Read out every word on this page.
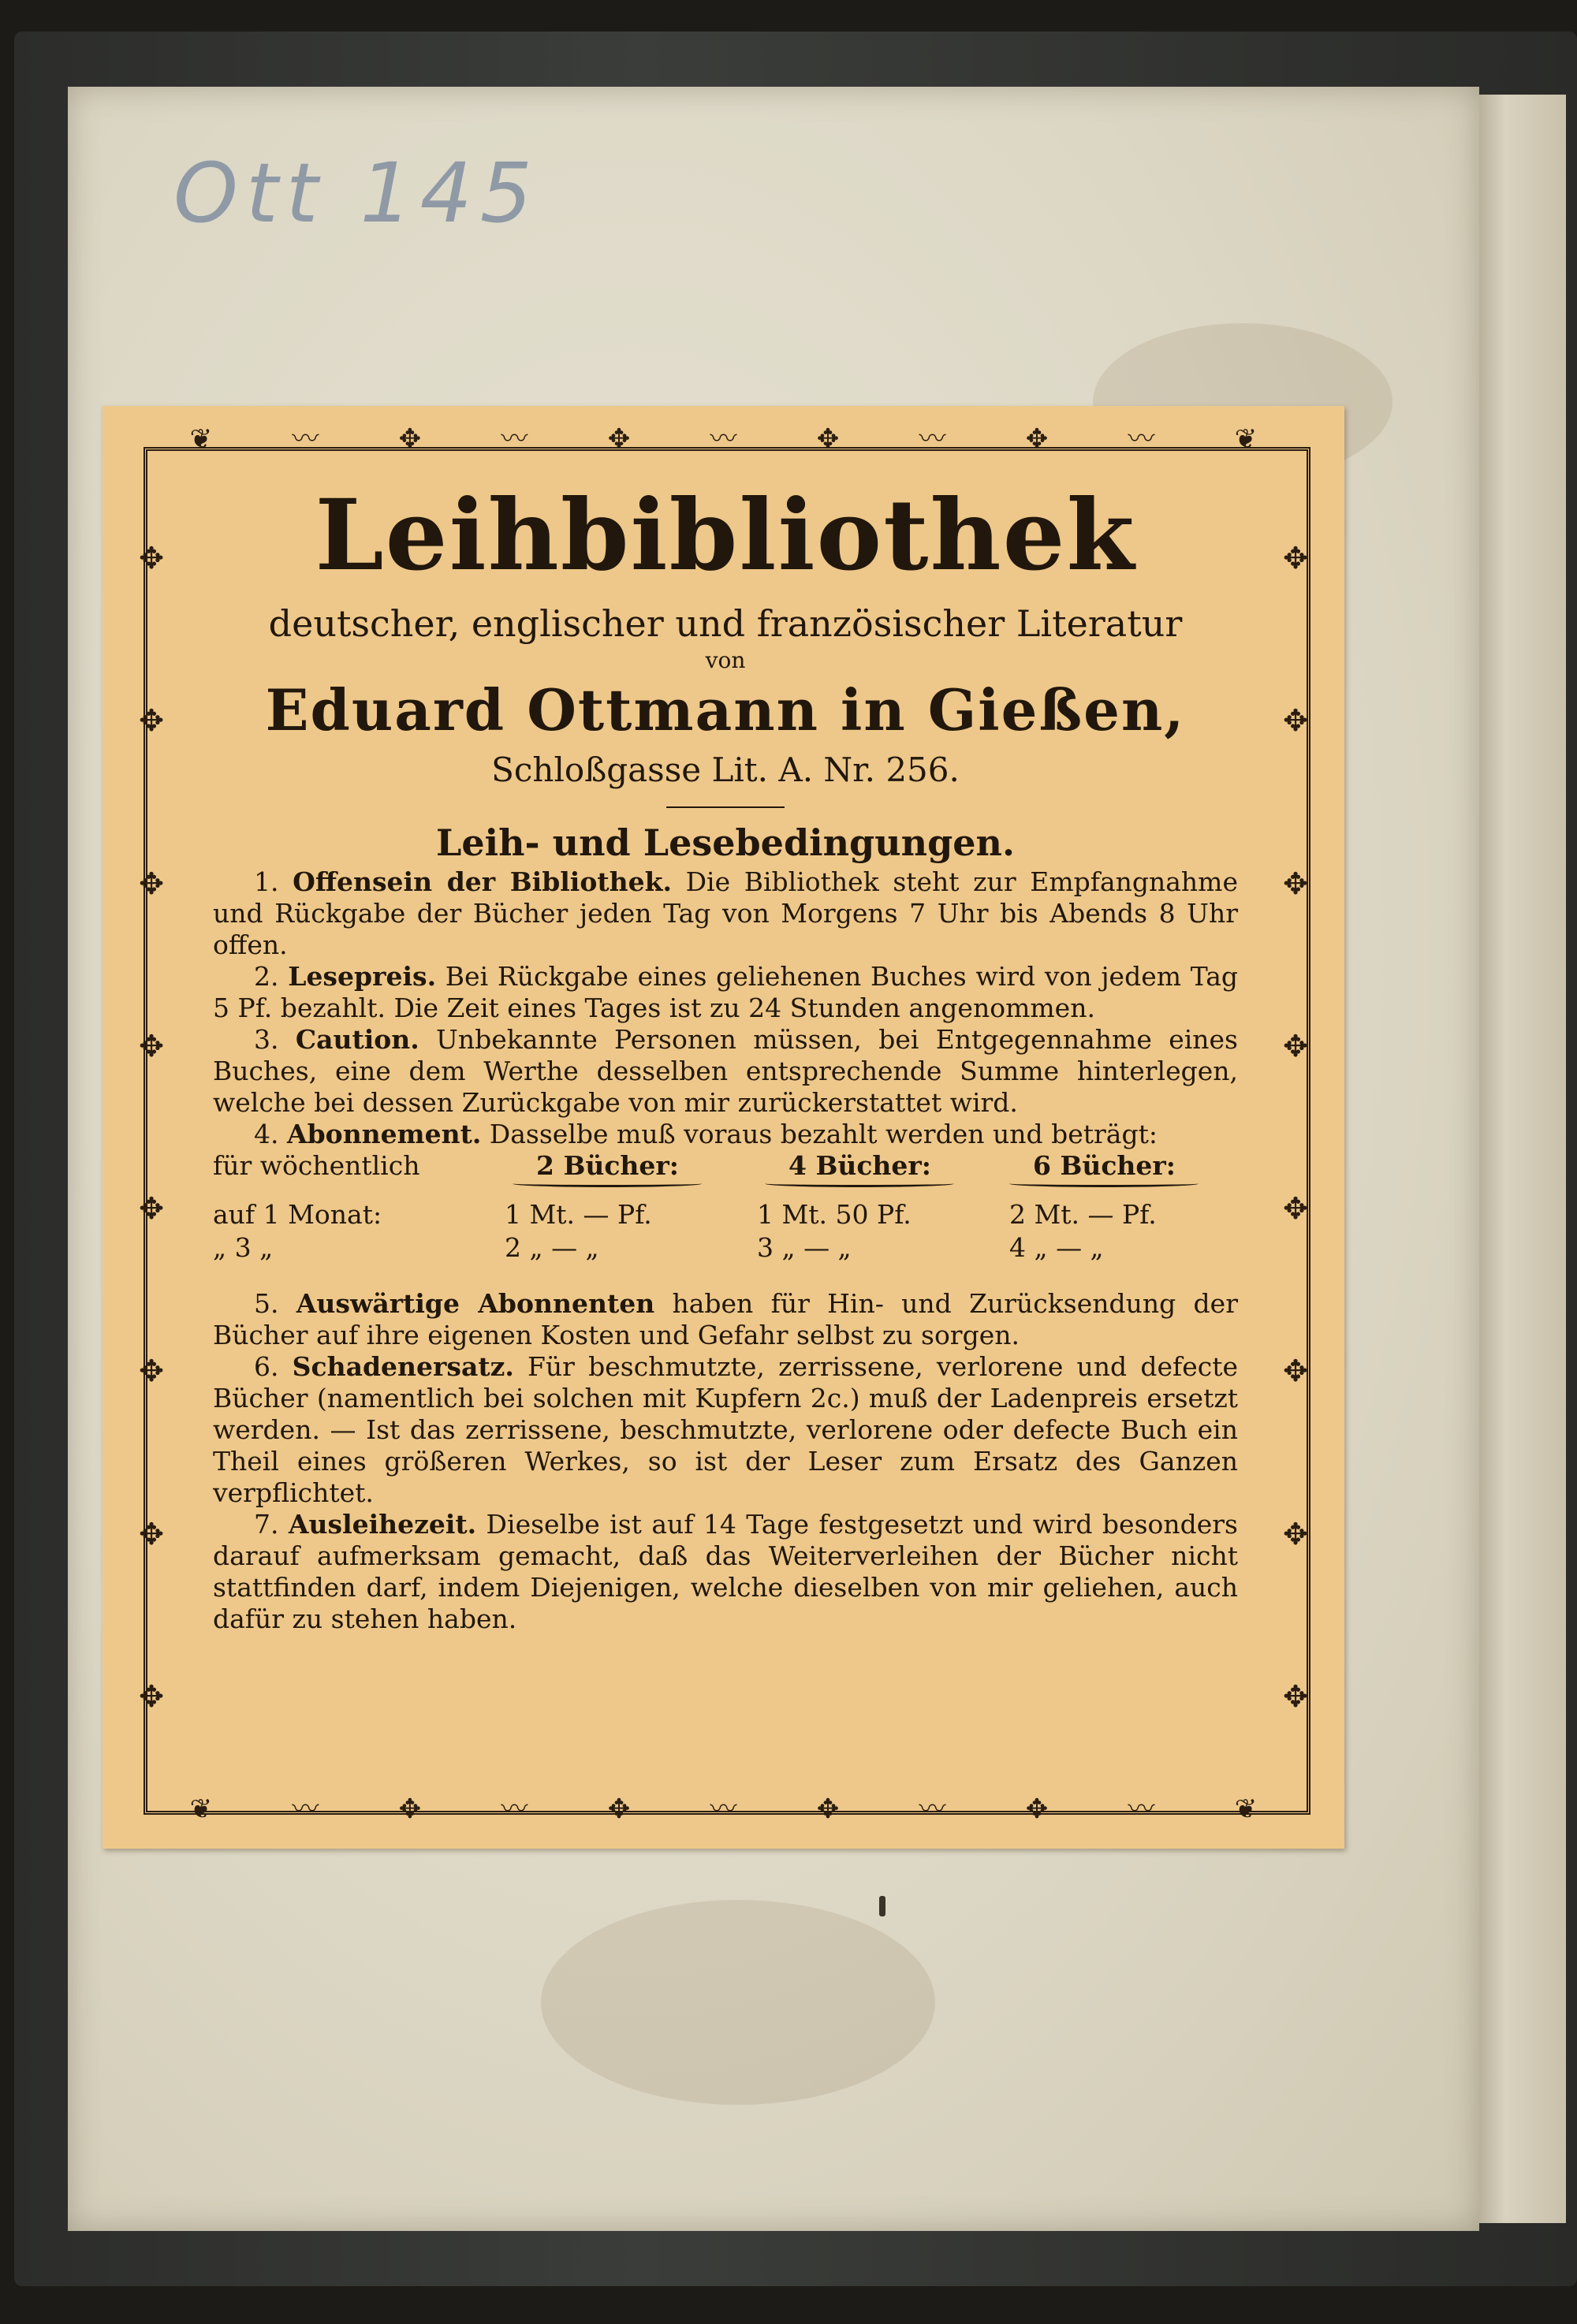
Ott 145
❦	〰	✥	〰	✥	〰	✥	〰	✥	〰	❦
❦	〰	✥	〰	✥	〰	✥	〰	✥	〰	❦
✥
✥
✥
✥
✥
✥
✥
✥
✥
✥
✥
✥
✥
✥
✥
✥
Leihbibliothek
deutscher, englischer und französischer Literatur
von
Eduard Ottmann in Gießen,
Schloßgasse Lit. A. Nr. 256.
Leih- und Lesebedingungen.
1. Offensein der Bibliothek. Die Bibliothek steht zur Empfangnahme und Rückgabe der Bücher jeden Tag von Morgens 7 Uhr bis Abends 8 Uhr offen.
2. Lesepreis. Bei Rückgabe eines geliehenen Buches wird von jedem Tag 5 Pf. bezahlt. Die Zeit eines Tages ist zu 24 Stunden angenommen.
3. Caution. Unbekannte Personen müssen, bei Entgegennahme eines Buches, eine dem Werthe desselben entsprechende Summe hinterlegen, welche bei dessen Zurückgabe von mir zurückerstattet wird.
4. Abonnement. Dasselbe muß voraus bezahlt werden und beträgt:
für wöchentlich	2 Bücher:	4 Bücher:	6 Bücher:
auf 1 Monat:	1 Mt. — Pf.	1 Mt. 50 Pf.	2 Mt. — Pf.
„ 3 „	2 „ — „	3 „ — „	4 „ — „
5. Auswärtige Abonnenten haben für Hin- und Zurücksendung der Bücher auf ihre eigenen Kosten und Gefahr selbst zu sorgen.
6. Schadenersatz. Für beschmutzte, zerrissene, verlorene und defecte Bücher (namentlich bei solchen mit Kupfern 2c.) muß der Ladenpreis ersetzt werden. — Ist das zerrissene, beschmutzte, verlorene oder defecte Buch ein Theil eines größeren Werkes, so ist der Leser zum Ersatz des Ganzen verpflichtet.
7. Ausleihezeit. Dieselbe ist auf 14 Tage festgesetzt und wird besonders darauf aufmerksam gemacht, daß das Weiterverleihen der Bücher nicht stattfinden darf, indem Diejenigen, welche dieselben von mir geliehen, auch dafür zu stehen haben.
